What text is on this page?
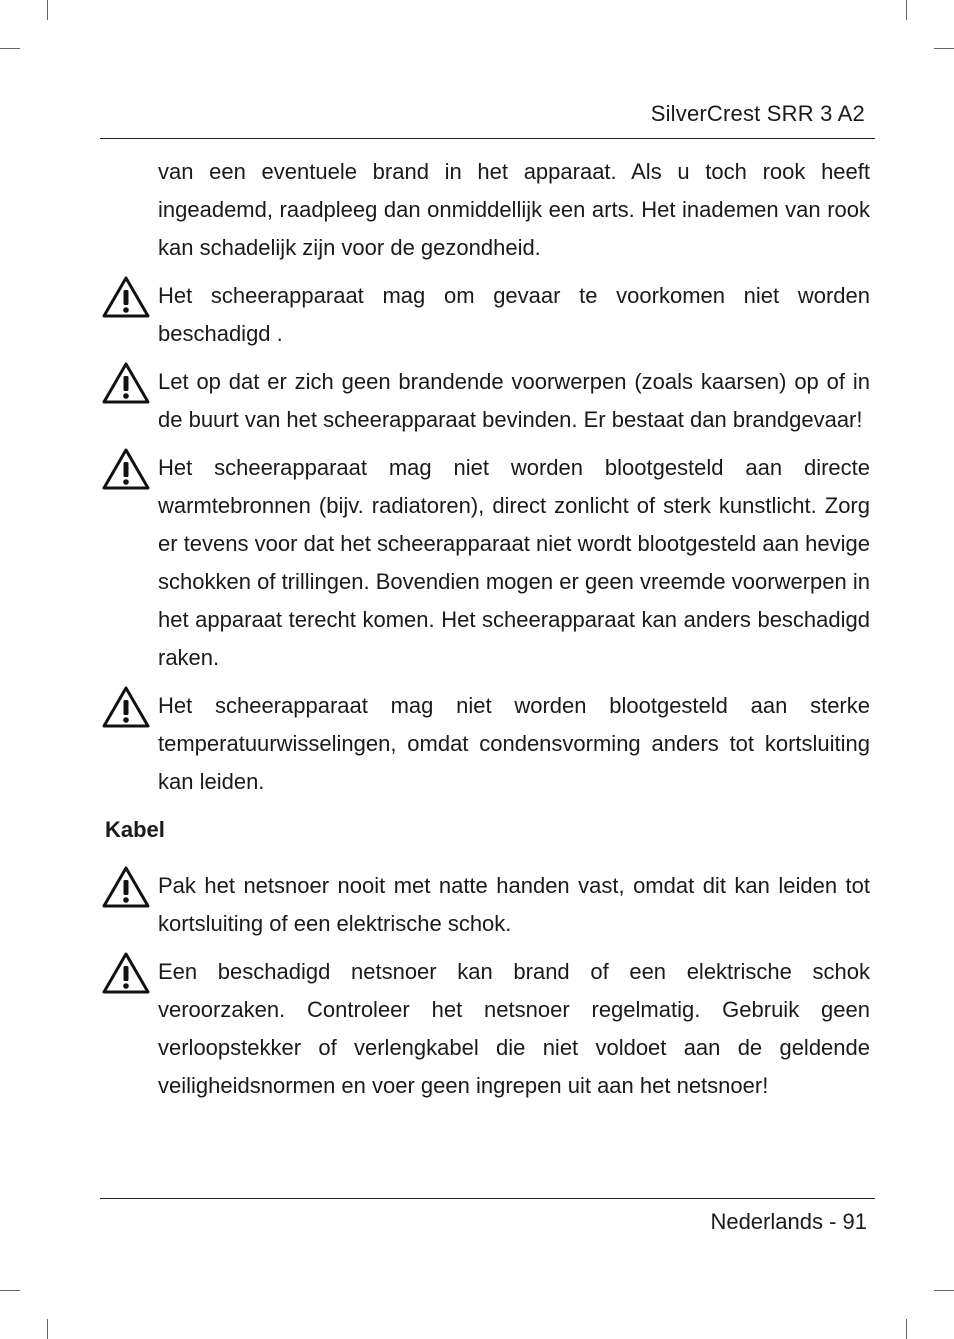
SilverCrest SRR 3 A2

van een eventuele brand in het apparaat. Als u toch rook heeft ingeademd, raadpleeg dan onmiddellijk een arts. Het inademen van rook kan schadelijk zijn voor de gezondheid.

Het scheerapparaat mag om gevaar te voorkomen niet worden beschadigd .
Let op dat er zich geen brandende voorwerpen (zoals kaarsen) op of in de buurt van het scheerapparaat bevinden. Er bestaat dan brandgevaar!
Het scheerapparaat mag niet worden blootgesteld aan directe warmtebronnen (bijv. radiatoren), direct zonlicht of sterk kunstlicht. Zorg er tevens voor dat het scheerapparaat niet wordt blootgesteld aan hevige schokken of trillingen. Bovendien mogen er geen vreemde voorwerpen in het apparaat terecht komen. Het scheerapparaat kan anders beschadigd raken.
Het scheerapparaat mag niet worden blootgesteld aan sterke temperatuurwisselingen, omdat condensvorming anders tot kortsluiting kan leiden.
Kabel
Pak het netsnoer nooit met natte handen vast, omdat dit kan leiden tot kortsluiting of een elektrische schok.
Een beschadigd netsnoer kan brand of een elektrische schok veroorzaken. Controleer het netsnoer regelmatig. Gebruik geen verloopstekker of verlengkabel die niet voldoet aan de geldende veiligheidsnormen en voer geen ingrepen uit aan het netsnoer!
Nederlands - 91
